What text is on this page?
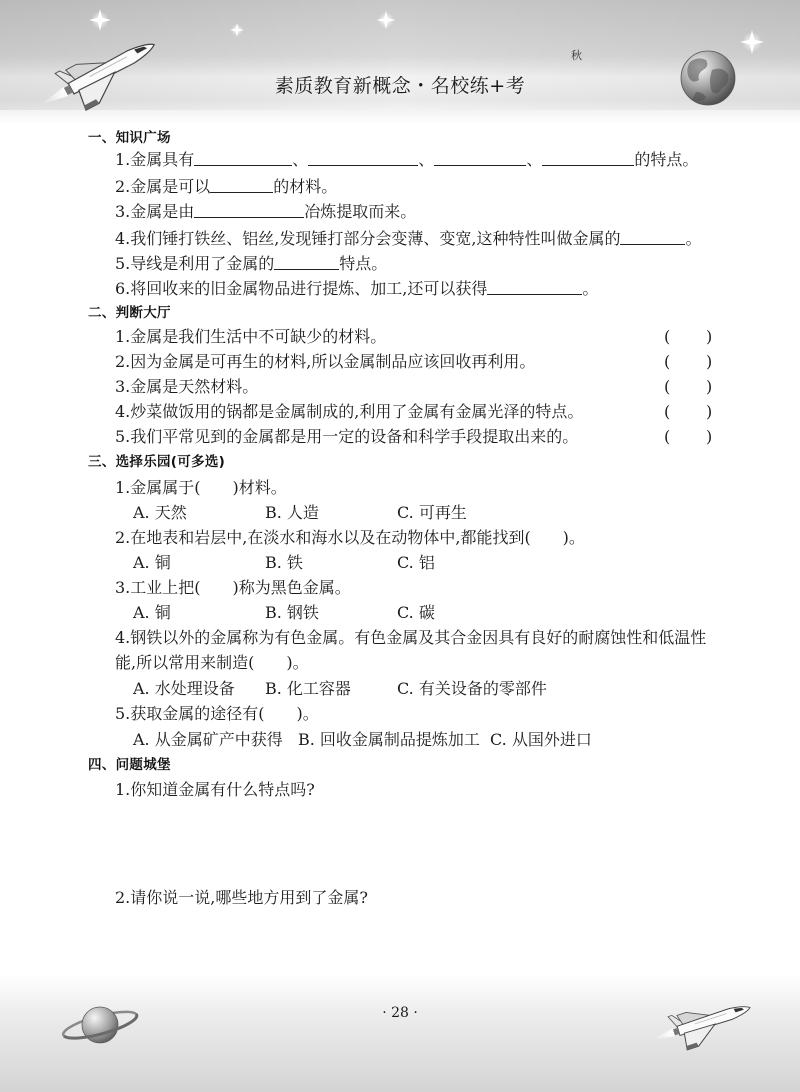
素质教育新概念・名校练+考
秋
一、知识广场
1.金属具有	、	、	、	的特点。
2.金属是可以	的材料。
3.金属是由	冶炼提取而来。
4.我们锤打铁丝、铝丝,发现锤打部分会变薄、变宽,这种特性叫做金属的	。
5.导线是利用了金属的	特点。
6.将回收来的旧金属物品进行提炼、加工,还可以获得	。
二、判断大厅
1.金属是我们生活中不可缺少的材料。	( )
2.因为金属是可再生的材料,所以金属制品应该回收再利用。	( )
3.金属是天然材料。	( )
4.炒菜做饭用的锅都是金属制成的,利用了金属有金属光泽的特点。	( )
5.我们平常见到的金属都是用一定的设备和科学手段提取出来的。	( )
三、选择乐园(可多选)
1.金属属于(　　)材料。
A. 天然	B. 人造	C. 可再生
2.在地表和岩层中,在淡水和海水以及在动物体中,都能找到(　　)。
A. 铜	B. 铁	C. 铝
3.工业上把(　　)称为黑色金属。
A. 铜	B. 钢铁	C. 碳
4.钢铁以外的金属称为有色金属。有色金属及其合金因具有良好的耐腐蚀性和低温性
能,所以常用来制造(　　)。
A. 水处理设备 B. 化工容器	C. 有关设备的零部件
5.获取金属的途径有(　　)。
A. 从金属矿产中获得 B. 回收金属制品提炼加工 C. 从国外进口
四、问题城堡
1.你知道金属有什么特点吗?
2.请你说一说,哪些地方用到了金属?
· 28 ·
